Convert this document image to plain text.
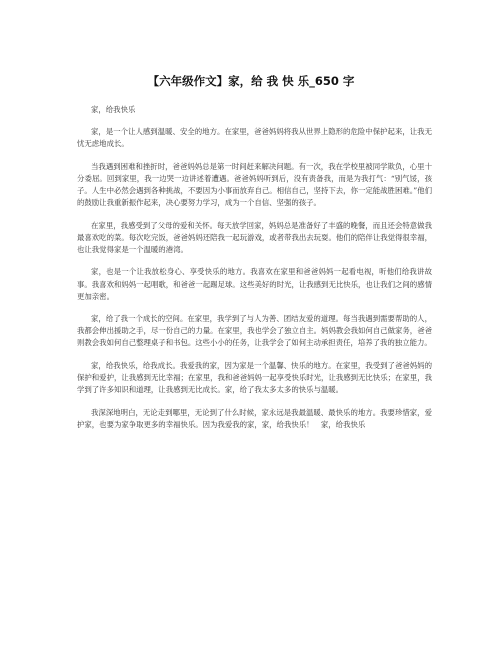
【六年级作文】家，给 我 快 乐_650 字

家，给我快乐

家，是一个让人感到温暖、安全的地方。在家里，爸爸妈妈将我从世界上隐形的危险中保护起来，让我无忧无虑地成长。

当我遇到困难和挫折时，爸爸妈妈总是第一时间赶来解决问题。有一次，我在学校里被同学欺负，心里十分委屈。回到家里，我一边哭一边讲述着遭遇。爸爸妈妈听到后，没有责备我，而是为我打气：“别气馁，孩子。人生中必然会遇到各种挑战，不要因为小事而放弃自己。相信自己，坚持下去，你一定能战胜困难。”他们的鼓励让我重新振作起来，决心要努力学习，成为一个自信、坚强的孩子。

在家里，我感受到了父母的爱和关怀。每天放学回家，妈妈总是准备好了丰盛的晚餐，而且还会特意做我最喜欢吃的菜。每次吃完饭，爸爸妈妈还陪我一起玩游戏，或者带我出去玩耍。他们的陪伴让我觉得很幸福，也让我觉得家是一个温暖的港湾。

家，也是一个让我放松身心、享受快乐的地方。我喜欢在家里和爸爸妈妈一起看电视，听他们给我讲故事。我喜欢和妈妈一起唱歌，和爸爸一起踢足球。这些美好的时光，让我感到无比快乐，也让我们之间的感情更加亲密。

家，给了我一个成长的空间。在家里，我学到了与人为善、团结友爱的道理。每当我遇到需要帮助的人，我都会伸出援助之手，尽一份自己的力量。在家里，我也学会了独立自主。妈妈教会我如何自己做家务，爸爸则教会我如何自己整理桌子和书包。这些小小的任务，让我学会了如何主动承担责任，培养了我的独立能力。

家，给我快乐，给我成长。我爱我的家，因为家是一个温馨、快乐的地方。在家里，我受到了爸爸妈妈的保护和爱护，让我感到无比幸福；在家里，我和爸爸妈妈一起享受快乐时光，让我感到无比快乐；在家里，我学到了许多知识和道理，让我感到无比成长。家，给了我太多太多的快乐与温暖。

我深深地明白，无论走到哪里，无论到了什么时候，家永远是我最温暖、最快乐的地方。我要珍惜家，爱护家，也要为家争取更多的幸福快乐。因为我爱我的家，家，给我快乐！　家，给我快乐
